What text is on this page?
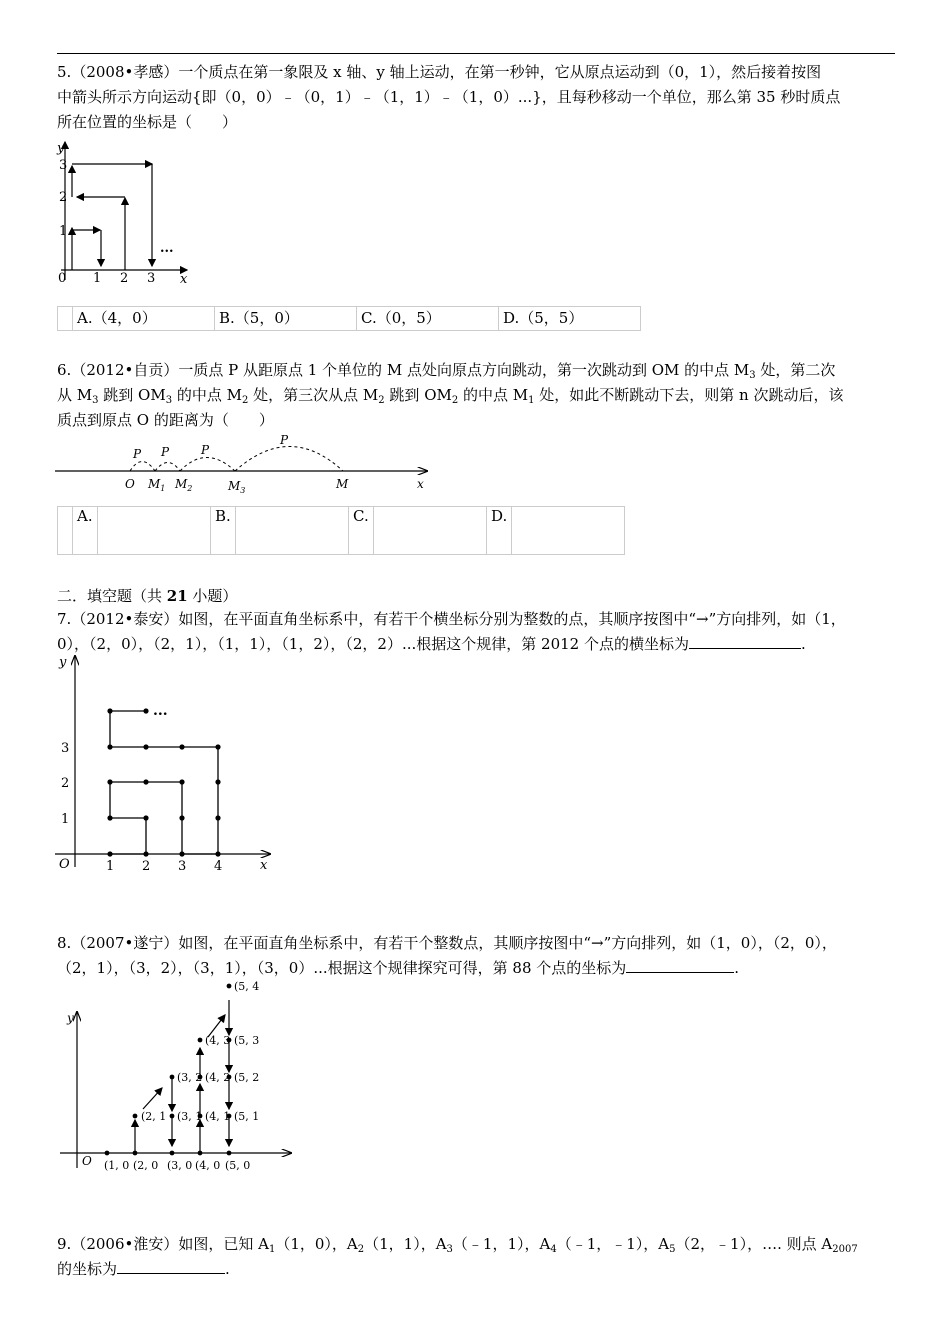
5.（2008•孝感）一个质点在第一象限及 x 轴、y 轴上运动，在第一秒钟，它从原点运动到（0，1），然后接着按图
中箭头所示方向运动{即（0，0）﹣（0，1）﹣（1，1）﹣（1，0）...}，且每秒移动一个单位，那么第 35 秒时质点
所在位置的坐标是（　　）
y
x
0 1 2 3
1
2
3
...
	A.（4，0）	B.（5，0）	C.（0，5）	D.（5，5）
6.（2012•自贡）一质点 P 从距原点 1 个单位的 M 点处向原点方向跳动，第一次跳动到 OM 的中点 $M_3$ 处，第二次
从 $M_3$ 跳到 $OM_3$ 的中点 $M_2$ 处，第三次从点 $M_2$ 跳到 $OM_2$ 的中点 $M_1$ 处，如此不断跳动下去，则第 n 次跳动后，该
质点到原点 O 的距离为（　　）
P P	P
P
O $M_1$ $M_2$	$M_3$	M	x
	A.		B.		C.		D.	
二．填空题（共 21 小题）
7.（2012•泰安）如图，在平面直角坐标系中，有若干个横坐标分别为整数的点，其顺序按图中“→”方向排列，如（1，
0），（2，0），（2，1），（1，1），（1，2），（2，2）...根据这个规律，第 2012 个点的横坐标为	.
y
x
O	1 2 3 4
1
2
3
...
8.（2007•遂宁）如图，在平面直角坐标系中，有若干个整数点，其顺序按图中“→”方向排列，如（1，0），（2，0），
（2，1），（3，2），（3，1），（3，0）...根据这个规律探究可得，第 88 个点的坐标为	.
y
O (1, 0 (2, 0 (3, 0 (4, 0 (5, 0
(2, 1 (3, 1 (4, 1 (5, 1
(3, 2 (4, 2 (5, 2
(4, 3 (5, 3
(5, 4
9.（2006•淮安）如图，已知 $A_1(1$，0），$A_2(1$，1），$A_3(﹣1$，1），$A_4(﹣1$，﹣1），$A_5(2$，﹣1），…. 则点 $A_{2007}$
的坐标为	.
